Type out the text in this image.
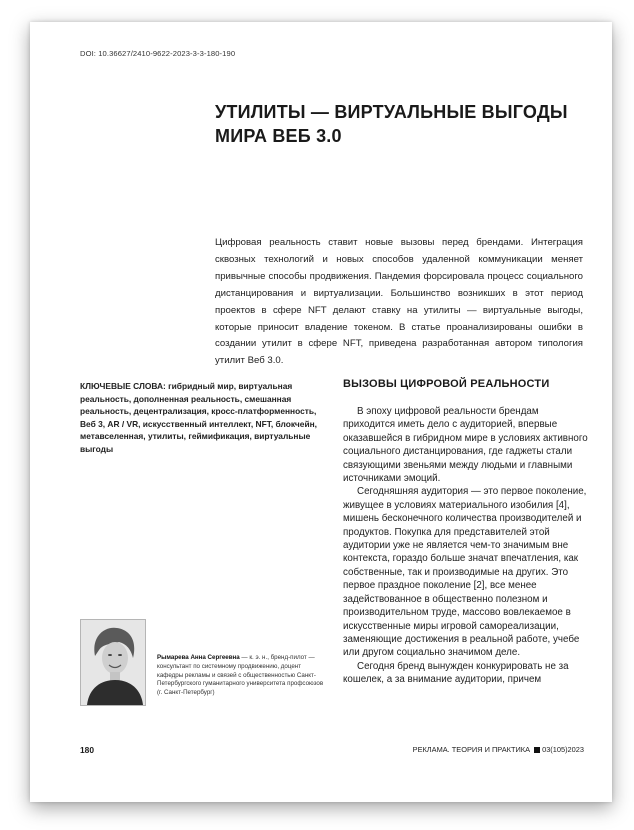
DOI: 10.36627/2410-9622-2023-3-3-180-190
УТИЛИТЫ — ВИРТУАЛЬНЫЕ ВЫГОДЫ МИРА ВЕБ 3.0

Цифровая реальность ставит новые вызовы перед брендами. Интеграция сквозных технологий и новых способов удаленной коммуникации меняет привычные способы продвижения. Пандемия форсировала процесс социального дистанцирования и виртуализации. Большинство возникших в этот период проектов в сфере NFT делают ставку на утилиты — виртуальные выгоды, которые приносит владение токеном. В статье проанализированы ошибки в создании утилит в сфере NFT, приведена разработанная автором типология утилит Веб 3.0.

КЛЮЧЕВЫЕ СЛОВА: гибридный мир, виртуальная реальность, дополненная реальность, смешанная реальность, децентрализация, кросс-платформенность, Веб 3, AR / VR, искусственный интеллект, NFT, блокчейн, метавселенная, утилиты, геймификация, виртуальные выгоды

ВЫЗОВЫ ЦИФРОВОЙ РЕАЛЬНОСТИ

В эпоху цифровой реальности брендам приходится иметь дело с аудиторией, впервые оказавшейся в гибридном мире в условиях активного социального дистанцирования, где гаджеты стали связующими звеньями между людьми и главными источниками эмоций.

Сегодняшняя аудитория — это первое поколение, живущее в условиях материального изобилия [4], мишень бесконечного количества производителей и продуктов. Покупка для представителей этой аудитории уже не является чем-то значимым вне контекста, гораздо больше значат впечатления, как собственные, так и производимые на других. Это первое праздное поколение [2], все менее задействованное в общественно полезном и производительном труде, массово вовлекаемое в искусственные миры игровой самореализации, заменяющие достижения в реальной работе, учебе или другом социально значимом деле.

Сегодня бренд вынужден конкурировать не за кошелек, а за внимание аудитории, причем

Рымарева Анна Сергеевна — к. э. н., бренд-пилот — консультант по системному продвижению, доцент кафедры рекламы и связей с общественностью Санкт-Петербургского гуманитарного университета профсоюзов (г. Санкт-Петербург)

180	РЕКЛАМА. ТЕОРИЯ И ПРАКТИКА 03(105)2023
